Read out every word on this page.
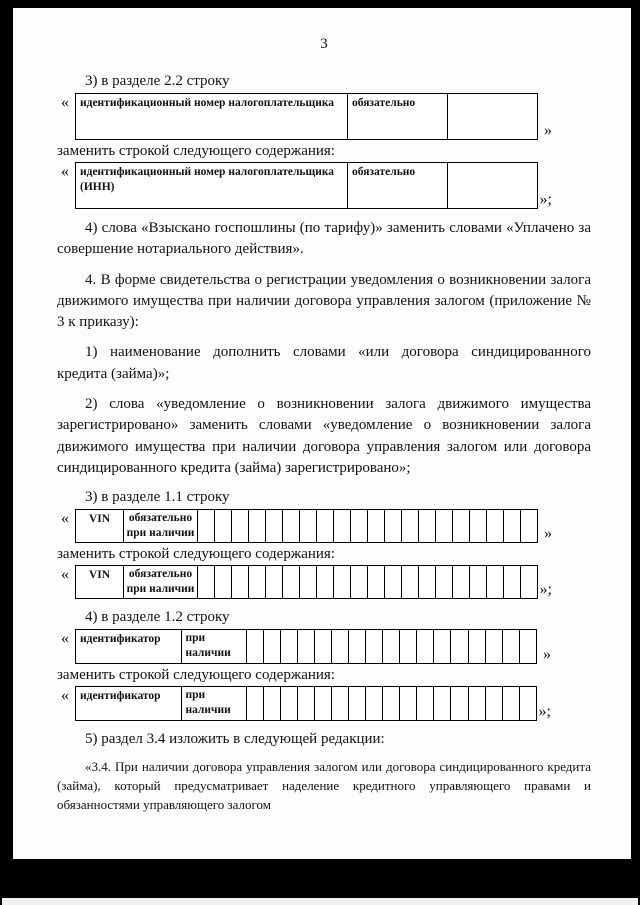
3
3) в разделе 2.2 строку
« идентификационный номер налогоплательщика	обязательно	
»
заменить строкой следующего содержания:
« идентификационный номер налогоплательщика (ИНН)	обязательно	
»;
4) слова «Взыскано госпошлины (по тарифу)» заменить словами «Уплачено за совершение нотариального действия».
4. В форме свидетельства о регистрации уведомления о возникновении залога движимого имущества при наличии договора управления залогом (приложение № 3 к приказу):
1) наименование дополнить словами «или договора синдицированного кредита (займа)»;
2) слова «уведомление о возникновении залога движимого имущества зарегистрировано» заменить словами «уведомление о возникновении залога движимого имущества при наличии договора управления залогом или договора синдицированного кредита (займа) зарегистрировано»;
3) в разделе 1.1 строку
«	VIN	обязательно при наличии																					»
заменить строкой следующего содержания:
«	VIN	обязательно при наличии																					»;
4) в разделе 1.2 строку
« идентификатор	при наличии																		»
заменить строкой следующего содержания:
« идентификатор	при наличии																		»;
5) раздел 3.4 изложить в следующей редакции:
«3.4. При наличии договора управления залогом или договора синдицированного кредита (займа), который предусматривает наделение кредитного управляющего правами и обязанностями управляющего залогом
